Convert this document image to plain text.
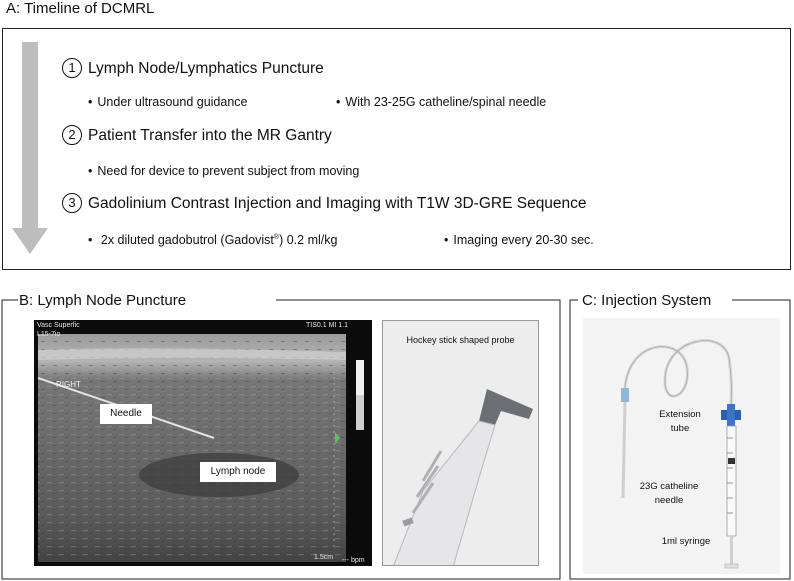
A: Timeline of DCMRL
1 Lymph Node/Lymphatics Puncture
• Under ultrasound guidance	• With 23-25G catheline/spinal needle
2 Patient Transfer into the MR Gantry
• Need for device to prevent subject from moving
3 Gadolinium Contrast Injection and Imaging with T1W 3D-GRE Sequence
• 2x diluted gadobutrol (Gadovist®) 0.2 ml/kg	• Imaging every 20-30 sec.
B: Lymph Node Puncture
Vasc Superfic
L15-7io
TIS0.1 MI 1.1
RIGHT
1.5cm --- bpm
Needle
Lymph node
Hockey stick shaped probe
C: Injection System
Extension
tube
23G catheline
needle
1ml syringe
